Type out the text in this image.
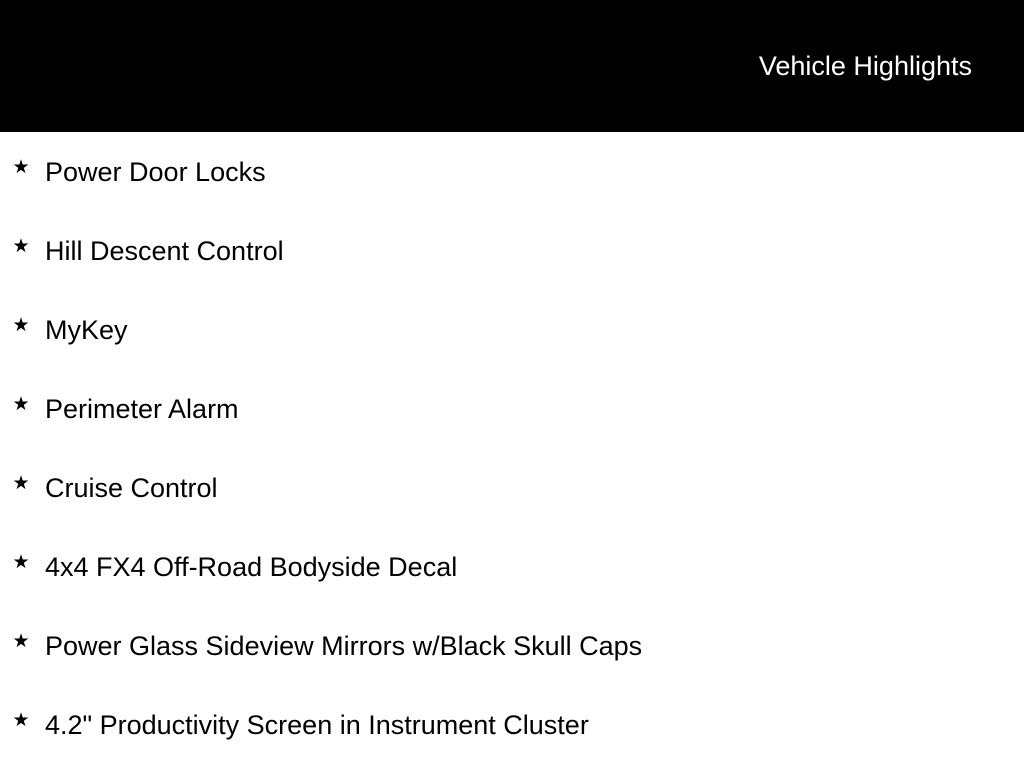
Vehicle Highlights
★ Power Door Locks
★ Hill Descent Control
★ MyKey
★ Perimeter Alarm
★ Cruise Control
★ 4x4 FX4 Off-Road Bodyside Decal
★ Power Glass Sideview Mirrors w/Black Skull Caps
★ 4.2" Productivity Screen in Instrument Cluster
